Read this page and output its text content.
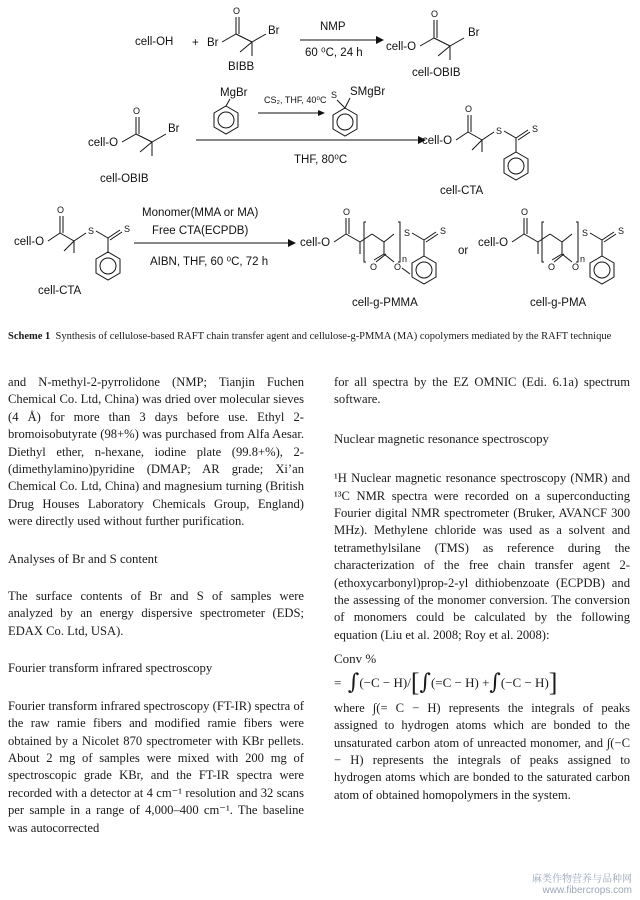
cell-OH + Br
O
Br
BIBB
NMP
60 ⁰C, 24 h cell-O
O
Br
cell-OBIB
cell-O
O
Br
cell-OBIB
MgBr
CS₂, THF, 40⁰C S SMgBr
THF, 80⁰C
cell-O
O
S	S
cell-CTA
cell-O
O
S	S
cell-CTA
Monomer(MMA or MA)
Free CTA(ECPDB)
AIBN, THF, 60 ⁰C, 72 h
cell-O
O
O O
n
S	S
cell-g-PMMA
or
cell-O
O
O O
n
S	S
cell-g-PMA
Scheme 1 Synthesis of cellulose-based RAFT chain transfer agent and cellulose-g-PMMA (MA) copolymers mediated by the RAFT technique

and N-methyl-2-pyrrolidone (NMP; Tianjin Fuchen Chemical Co. Ltd, China) was dried over molecular sieves (4 Å) for more than 3 days before use. Ethyl 2-bromoisobutyrate (98+%) was purchased from Alfa Aesar. Diethyl ether, n-hexane, iodine plate (99.8+%), 2-(dimethylamino)pyridine (DMAP; AR grade; Xi’an Chemical Co. Ltd, China) and magnesium turning (British Drug Houses Laboratory Chemicals Group, England) were directly used without further purification.

Analyses of Br and S content

The surface contents of Br and S of samples were analyzed by an energy dispersive spectrometer (EDS; EDAX Co. Ltd, USA).

Fourier transform infrared spectroscopy

Fourier transform infrared spectroscopy (FT-IR) spectra of the raw ramie fibers and modified ramie fibers were obtained by a Nicolet 870 spectrometer with KBr pellets. About 2 mg of samples were mixed with 200 mg of spectroscopic grade KBr, and the FT-IR spectra were recorded with a detector at 4 cm⁻¹ resolution and 32 scans per sample in a range of 4,000–400 cm⁻¹. The baseline was autocorrected

for all spectra by the EZ OMNIC (Edi. 6.1a) spectrum software.

Nuclear magnetic resonance spectroscopy

¹H Nuclear magnetic resonance spectroscopy (NMR) and ¹³C NMR spectra were recorded on a superconducting Fourier digital NMR spectrometer (Bruker, AVANCF 300 MHz). Methylene chloride was used as a solvent and tetramethylsilane (TMS) as reference during the characterization of the free chain transfer agent 2-(ethoxycarbonyl)prop-2-yl dithiobenzoate (ECPDB) and the assessing of the monomer conversion. The conversion of monomers could be calculated by the following equation (Liu et al. 2008; Roy et al. 2008):

Conv %
=
∫ (−C − H)/ [ ∫ (=C − H) + ∫ (−C − H) ]

where ∫(= C − H) represents the integrals of peaks assigned to hydrogen atoms which are bonded to the unsaturated carbon atom of unreacted monomer, and ∫(−C − H) represents the integrals of peaks assigned to hydrogen atoms which are bonded to the saturated carbon atom of obtained homopolymers in the system.

麻类作物营养与品种网
www.fibercrops.com
